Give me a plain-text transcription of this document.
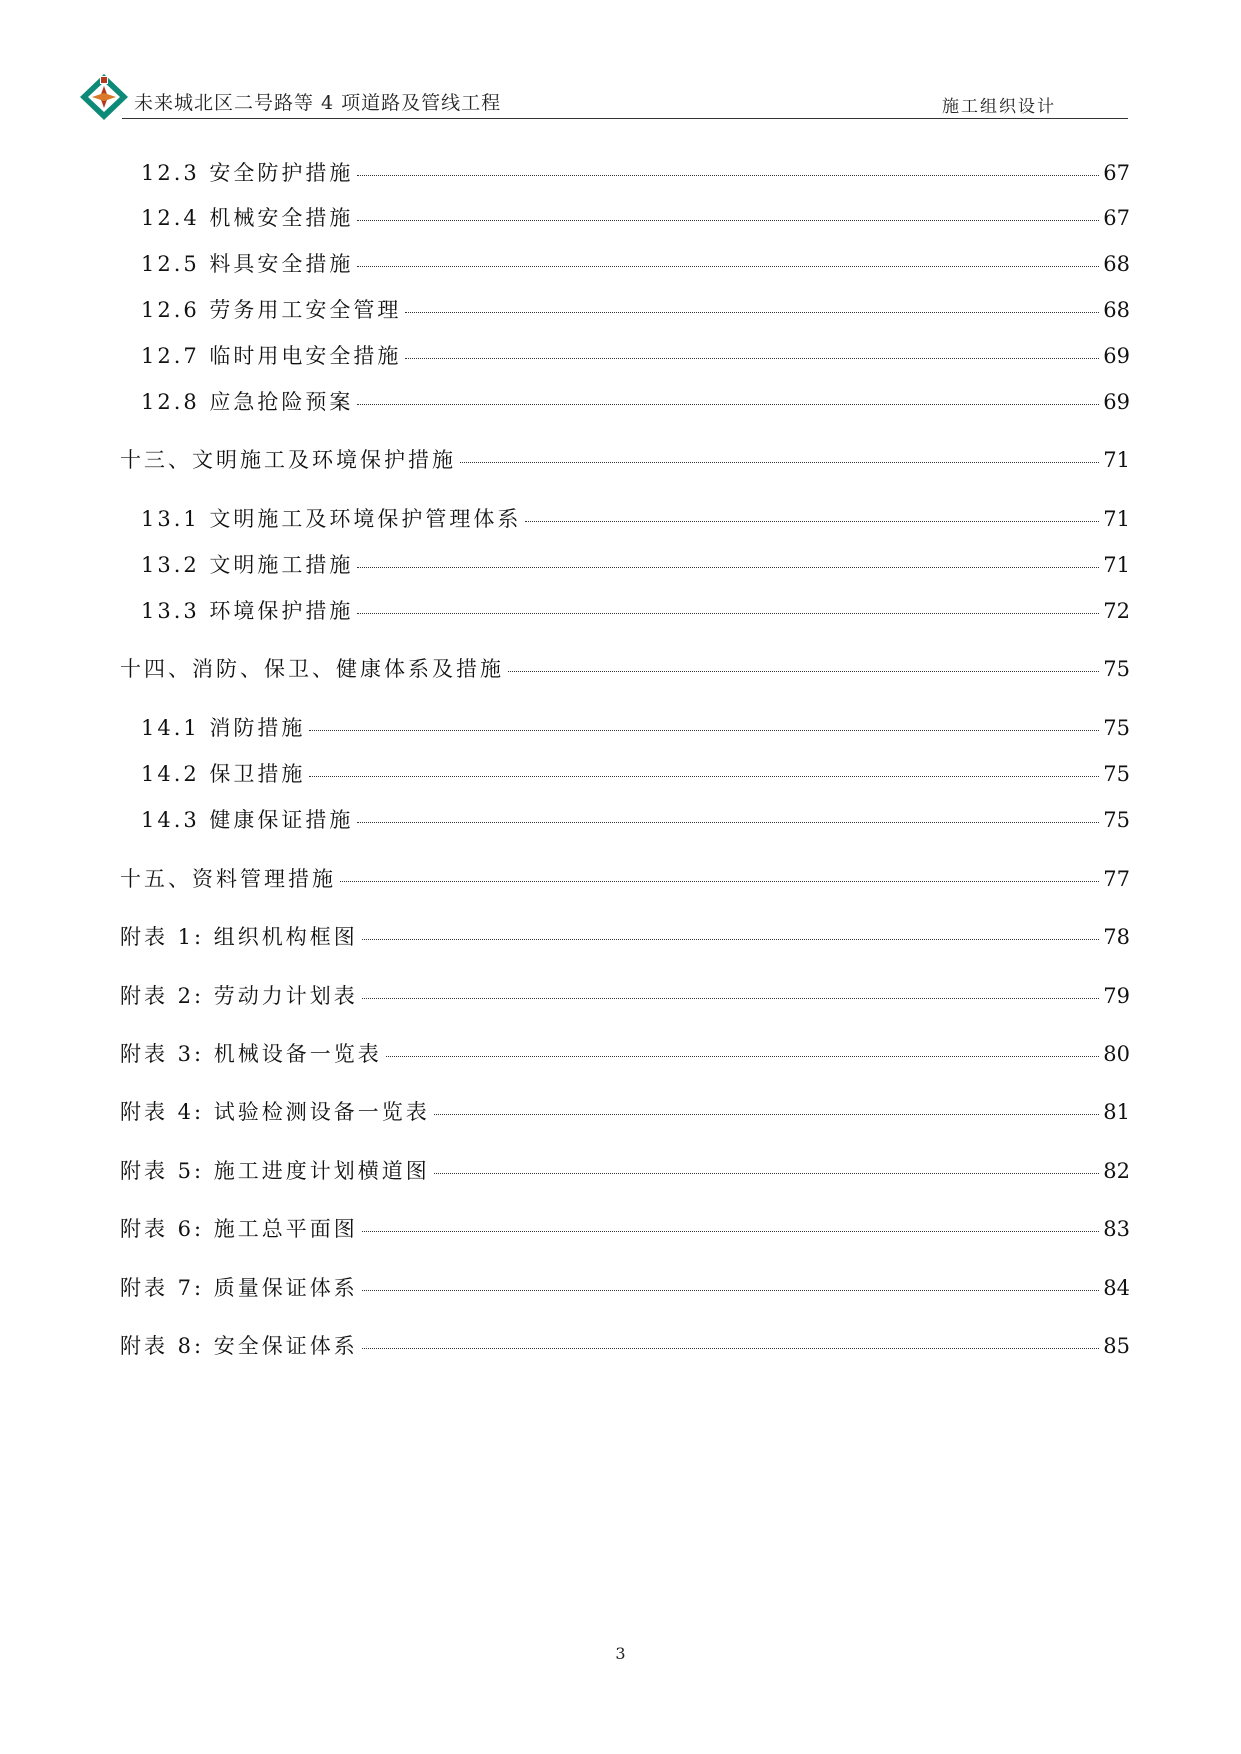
未来城北区二号路等 4 项道路及管线工程	施工组织设计
12.3 安全防护措施	67
12.4 机械安全措施	67
12.5 料具安全措施	68
12.6 劳务用工安全管理	68
12.7 临时用电安全措施	69
12.8 应急抢险预案	69
十三、文明施工及环境保护措施	71
13.1 文明施工及环境保护管理体系	71
13.2 文明施工措施	71
13.3 环境保护措施	72
十四、消防、保卫、健康体系及措施	75
14.1 消防措施	75
14.2 保卫措施	75
14.3 健康保证措施	75
十五、资料管理措施	77
附表 1: 组织机构框图	78
附表 2: 劳动力计划表	79
附表 3: 机械设备一览表	80
附表 4: 试验检测设备一览表	81
附表 5: 施工进度计划横道图	82
附表 6: 施工总平面图	83
附表 7: 质量保证体系	84
附表 8: 安全保证体系	85
3
